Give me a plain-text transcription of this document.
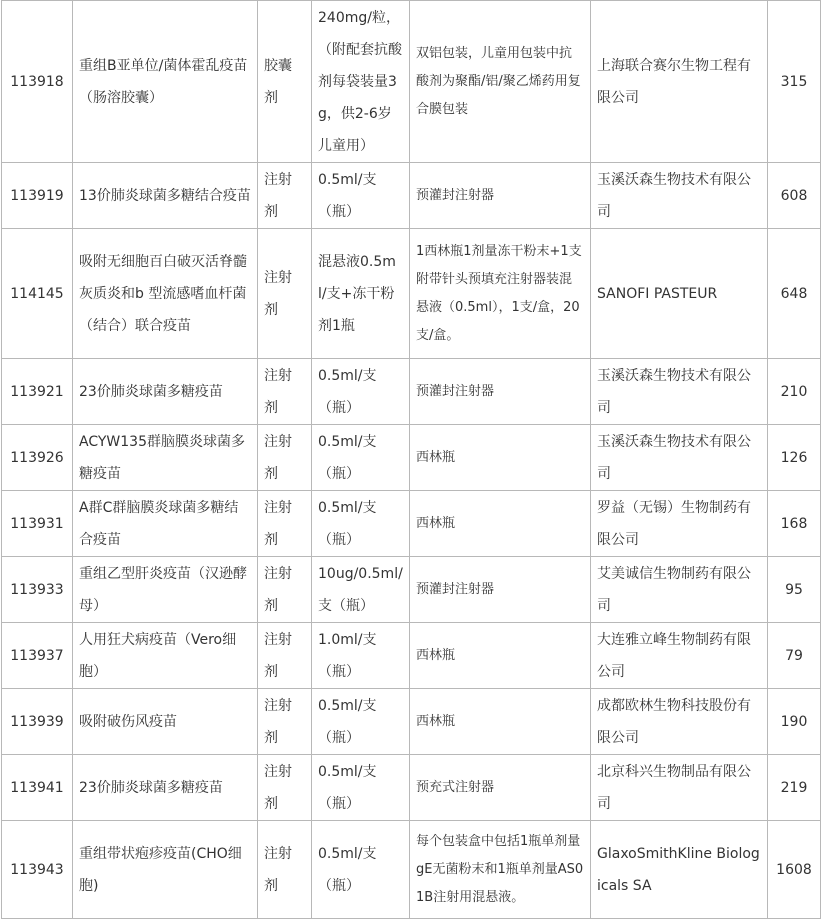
113918	重组B亚单位/菌体霍乱疫苗（肠溶胶囊）	胶囊剂	240mg/粒，（附配套抗酸剂每袋装量3g，供2-6岁儿童用）	双铝包装，儿童用包装中抗酸剂为聚酯/铝/聚乙烯药用复合膜包装	上海联合赛尔生物工程有限公司	315
113919	13价肺炎球菌多糖结合疫苗	注射剂	0.5ml/支（瓶）	预灌封注射器	玉溪沃森生物技术有限公司	608
114145	吸附无细胞百白破灭活脊髓灰质炎和b 型流感嗜血杆菌（结合）联合疫苗	注射剂	混悬液0.5ml/支+冻干粉剂1瓶	1西林瓶1剂量冻干粉末+1支附带针头预填充注射器装混悬液（0.5ml），1支/盒，20支/盒。	SANOFI PASTEUR	648
113921	23价肺炎球菌多糖疫苗	注射剂	0.5ml/支（瓶）	预灌封注射器	玉溪沃森生物技术有限公司	210
113926	ACYW135群脑膜炎球菌多糖疫苗	注射剂	0.5ml/支（瓶）	西林瓶	玉溪沃森生物技术有限公司	126
113931	A群C群脑膜炎球菌多糖结合疫苗	注射剂	0.5ml/支（瓶）	西林瓶	罗益（无锡）生物制药有限公司	168
113933	重组乙型肝炎疫苗（汉逊酵母）	注射剂	10ug/0.5ml/支（瓶）	预灌封注射器	艾美诚信生物制药有限公司	95
113937	人用狂犬病疫苗（Vero细胞）	注射剂	1.0ml/支（瓶）	西林瓶	大连雅立峰生物制药有限公司	79
113939	吸附破伤风疫苗	注射剂	0.5ml/支（瓶）	西林瓶	成都欧林生物科技股份有限公司	190
113941	23价肺炎球菌多糖疫苗	注射剂	0.5ml/支（瓶）	预充式注射器	北京科兴生物制品有限公司	219
113943	重组带状疱疹疫苗(CHO细胞)	注射剂	0.5ml/支（瓶）	每个包装盒中包括1瓶单剂量gE无菌粉末和1瓶单剂量AS01B注射用混悬液。	GlaxoSmithKline Biologicals SA	1608
